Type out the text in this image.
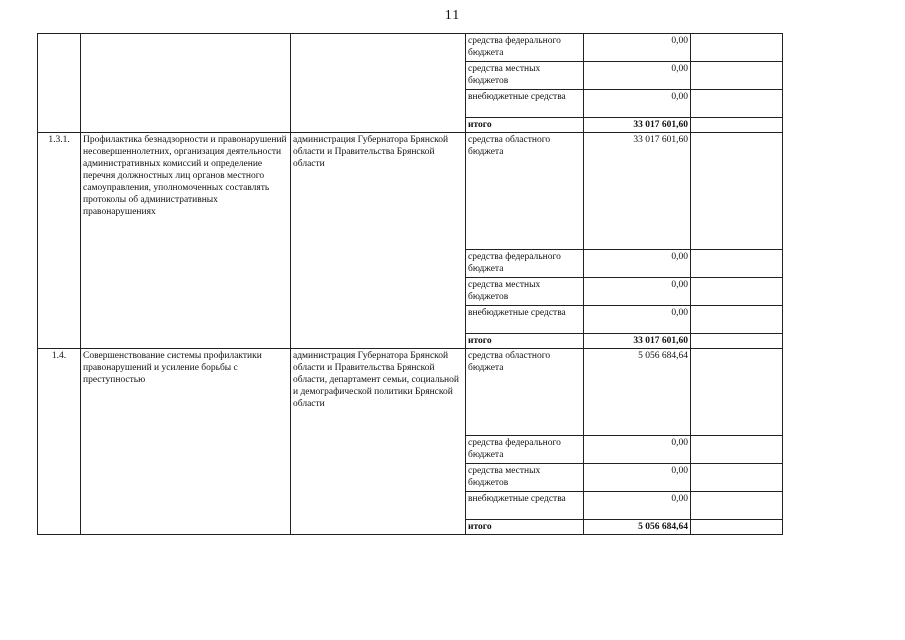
11
			средства федерального бюджета	0,00	
			средства местных бюджетов	0,00	
			внебюджетные средства	0,00	
			итого	33 017 601,60	
1.3.1.	Профилактика безнадзорности и правонарушений несовершеннолетних, организация деятельности административных комиссий и определение перечня должностных лиц органов местного самоуправления, уполномоченных составлять протоколы об административных правонарушениях	администрация Губернатора Брянской области и Правительства Брянской области	средства областного бюджета	33 017 601,60	
			средства федерального бюджета	0,00	
			средства местных бюджетов	0,00	
			внебюджетные средства	0,00	
			итого	33 017 601,60	
1.4.	Совершенствование системы профилактики правонарушений и усиление борьбы с преступностью	администрация Губернатора Брянской области и Правительства Брянской области, департамент семьи, социальной и демографической политики Брянской области	средства областного бюджета	5 056 684,64	
			средства федерального бюджета	0,00	
			средства местных бюджетов	0,00	
			внебюджетные средства	0,00	
			итого	5 056 684,64	
